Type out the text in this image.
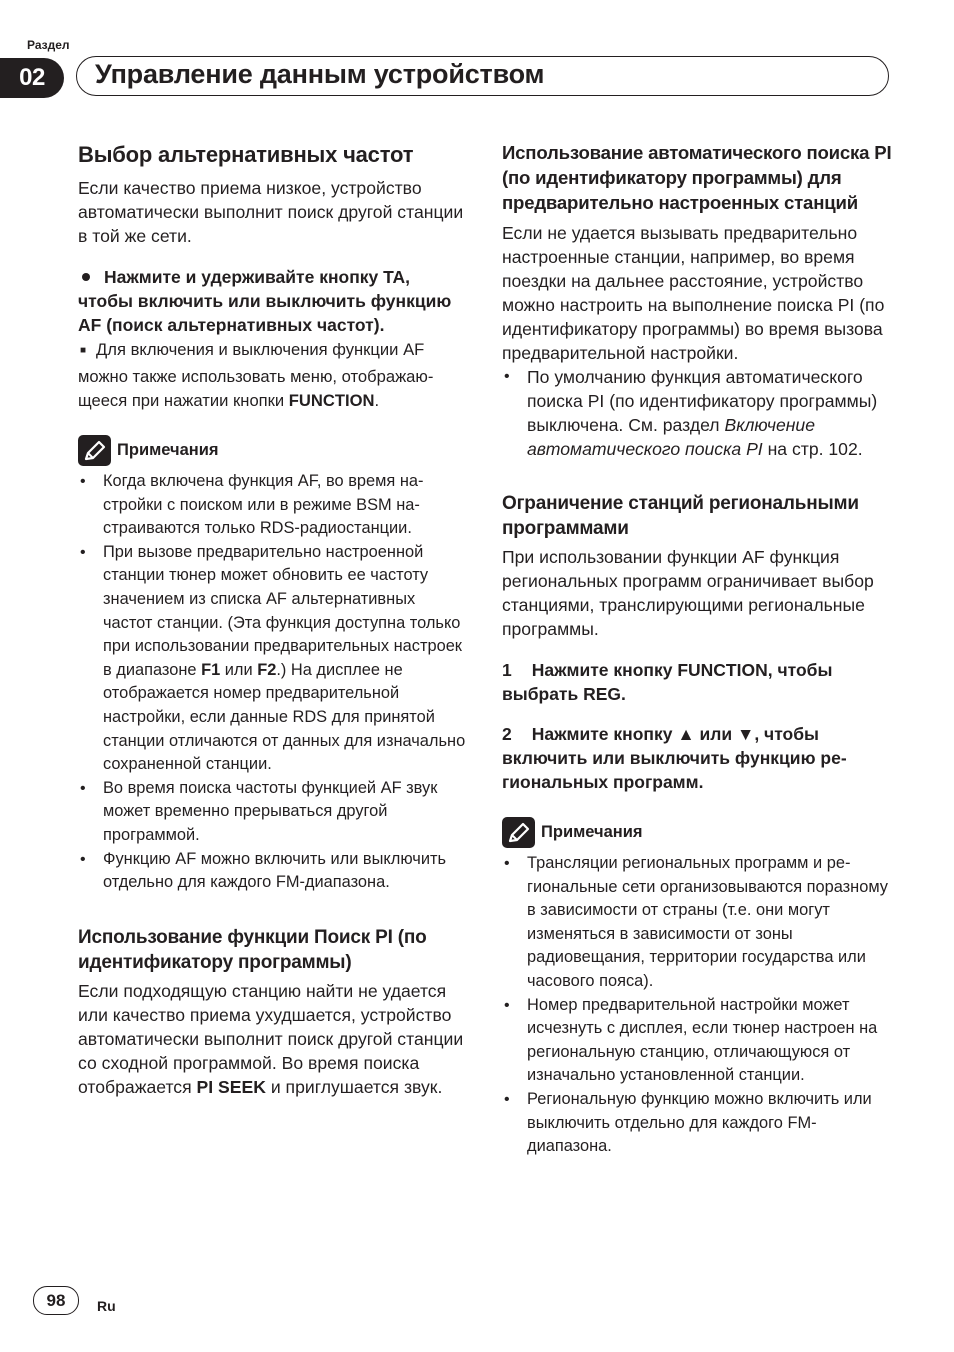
Раздел
02	Управление данным устройством
Выбор альтернативных частот

Если качество приема низкое, устройство автоматически выполнит поиск другой станции в той же сети.

Нажмите и удерживайте кнопку TA, чтобы включить или выключить функцию AF (поиск альтернативных частот).

■ Для включения и выключения функции AF можно также использовать меню, отображающееся при нажатии кнопки FUNCTION.

Примечания
• Когда включена функция AF, во время настройки с поиском или в режиме BSM настраиваются только RDS-радиостанции.
• При вызове предварительно настроенной станции тюнер может обновить ее частоту значением из списка AF альтернативных частот станции. (Эта функция доступна только при использовании предварительных настроек в диапазоне F1 или F2.) На дисплее не отображается номер предварительной настройки, если данные RDS для принятой станции отличаются от данных для изначально сохраненной станции.
• Во время поиска частоты функцией AF звук может временно прерываться другой программой.
• Функцию AF можно включить или выключить отдельно для каждого FM-диапазона.
Использование функции Поиск PI (по идентификатору программы)

Если подходящую станцию найти не удается или качество приема ухудшается, устройство автоматически выполнит поиск другой станции со сходной программой. Во время поиска отображается PI SEEK и приглушается звук.

Использование автоматического поиска PI (по идентификатору программы) для предварительно настроенных станций

Если не удается вызывать предварительно настроенные станции, например, во время поездки на дальнее расстояние, устройство можно настроить на выполнение поиска PI (по идентификатору программы) во время вызова предварительной настройки.

• По умолчанию функция автоматического поиска PI (по идентификатору программы) выключена. См. раздел Включение автоматического поиска PI на стр. 102.
Ограничение станций региональными программами

При использовании функции AF функция региональных программ ограничивает выбор станциями, транслирующими региональные программы.

1 Нажмите кнопку FUNCTION, чтобы выбрать REG.

2 Нажмите кнопку ▲ или ▼, чтобы включить или выключить функцию региональных программ.

Примечания
• Трансляции региональных программ и региональные сети организовываются поразному в зависимости от страны (т.е. они могут изменяться в зависимости от зоны радиовещания, территории государства или часового пояса).
• Номер предварительной настройки может исчезнуть с дисплея, если тюнер настроен на региональную станцию, отличающуюся от изначально установленной станции.
• Региональную функцию можно включить или выключить отдельно для каждого FM-диапазона.
98	Ru
